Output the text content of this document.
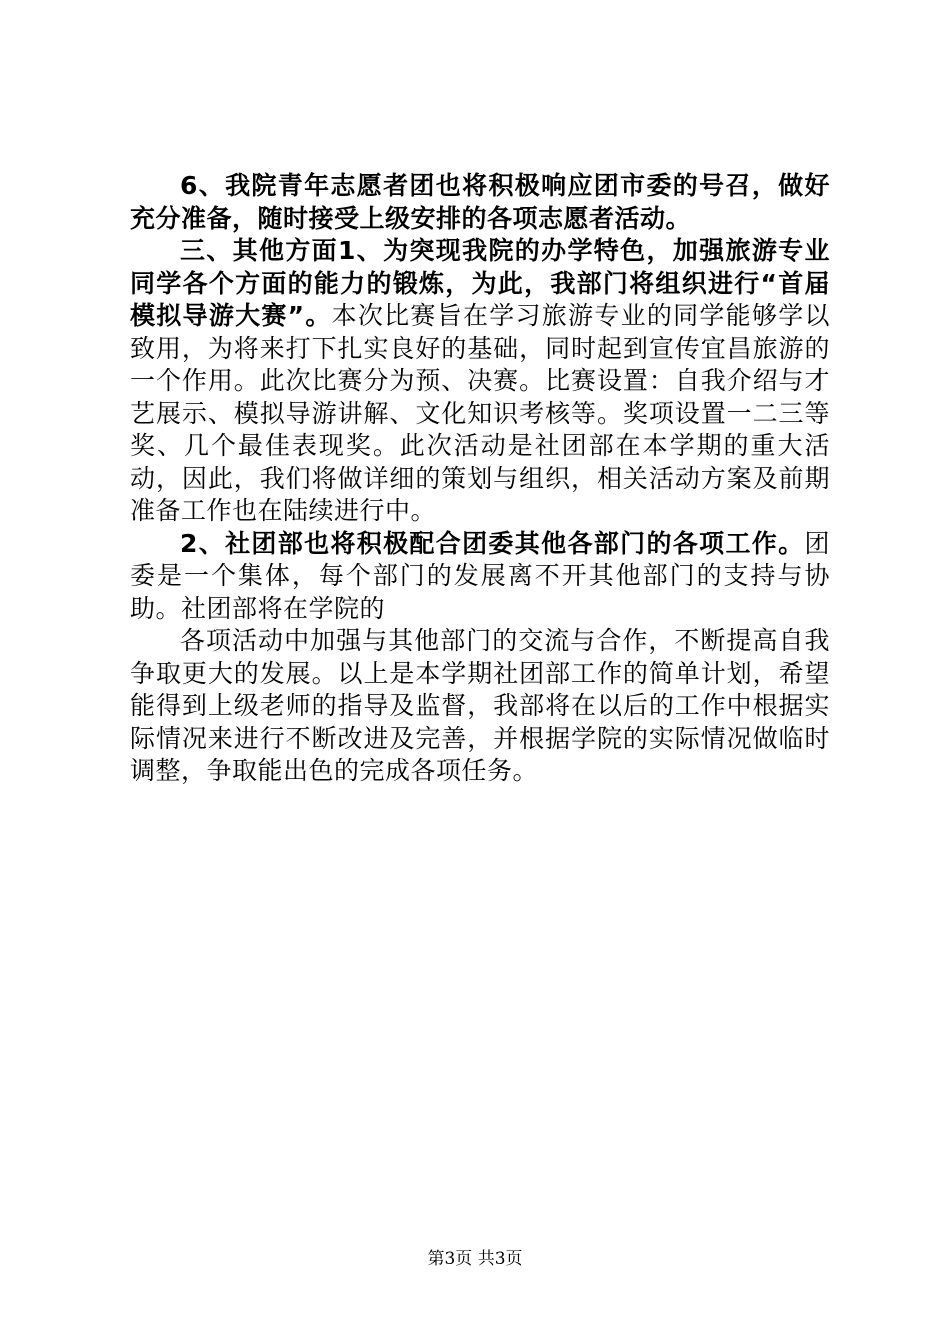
6、我院青年志愿者团也将积极响应团市委的号召，做好充分准备，随时接受上级安排的各项志愿者活动。

三、其他方面1、为突现我院的办学特色，加强旅游专业同学各个方面的能力的锻炼，为此，我部门将组织进行“首届模拟导游大赛”。本次比赛旨在学习旅游专业的同学能够学以致用，为将来打下扎实良好的基础，同时起到宣传宜昌旅游的一个作用。此次比赛分为预、决赛。比赛设置：自我介绍与才艺展示、模拟导游讲解、文化知识考核等。奖项设置一二三等奖、几个最佳表现奖。此次活动是社团部在本学期的重大活动，因此，我们将做详细的策划与组织，相关活动方案及前期准备工作也在陆续进行中。

2、社团部也将积极配合团委其他各部门的各项工作。团委是一个集体，每个部门的发展离不开其他部门的支持与协助。社团部将在学院的

各项活动中加强与其他部门的交流与合作，不断提高自我争取更大的发展。以上是本学期社团部工作的简单计划，希望能得到上级老师的指导及监督，我部将在以后的工作中根据实际情况来进行不断改进及完善，并根据学院的实际情况做临时调整，争取能出色的完成各项任务。

第3页 共3页
